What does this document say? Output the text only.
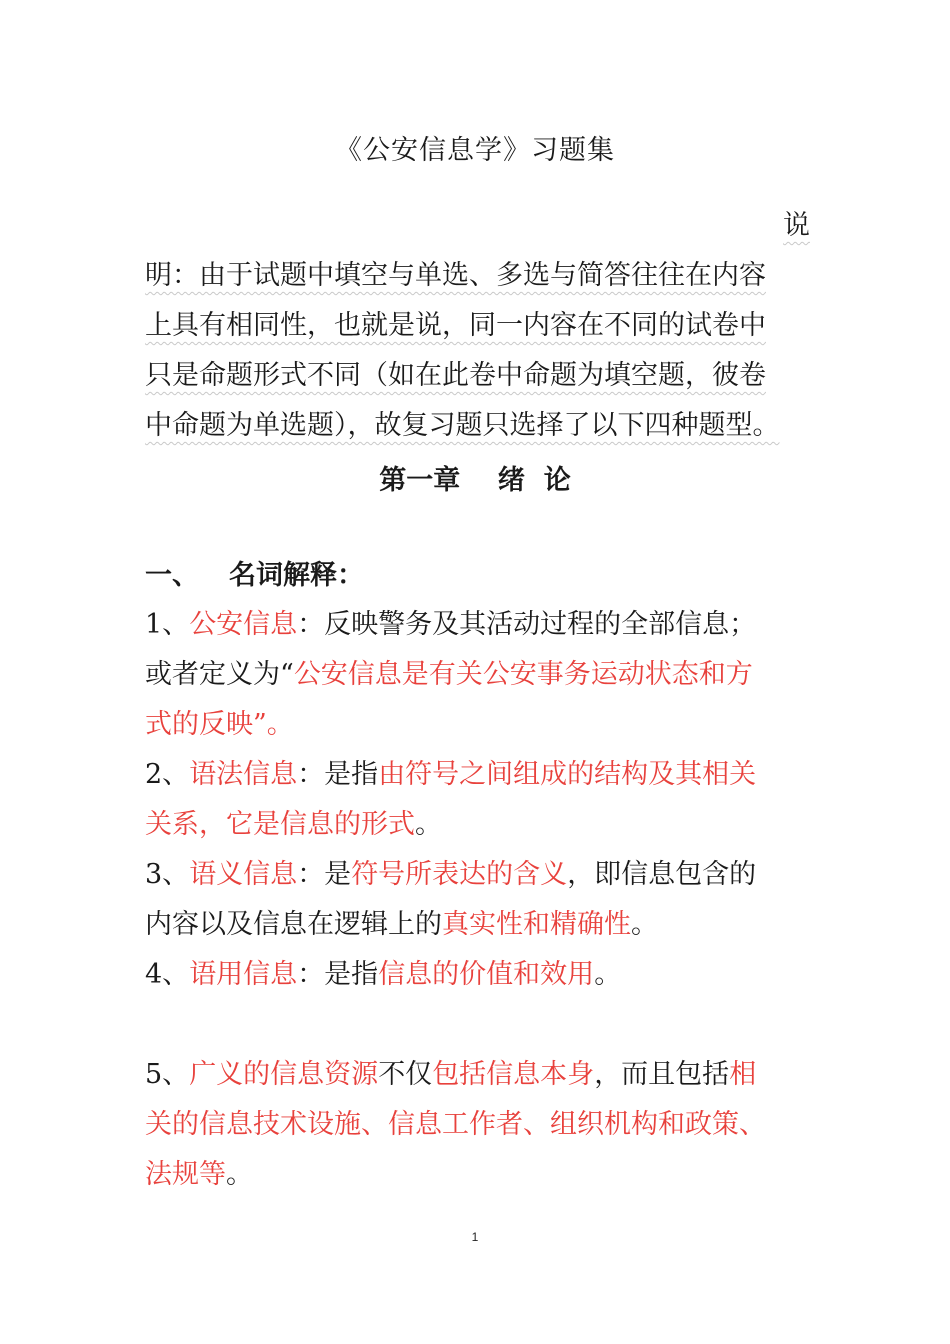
《公安信息学》习题集
说
明：由于试题中填空与单选、多选与简答往往在内容
上具有相同性，也就是说，同一内容在不同的试卷中
只是命题形式不同（如在此卷中命题为填空题，彼卷
中命题为单选题），故复习题只选择了以下四种题型。
第一章    绪  论
一、 名词解释：
1、公安信息：反映警务及其活动过程的全部信息；
或者定义为“公安信息是有关公安事务运动状态和方
式的反映”。
2、语法信息：是指由符号之间组成的结构及其相关
关系，它是信息的形式。
3、语义信息：是符号所表达的含义，即信息包含的
内容以及信息在逻辑上的真实性和精确性。
4、语用信息：是指信息的价值和效用。
5、广义的信息资源不仅包括信息本身，而且包括相
关的信息技术设施、信息工作者、组织机构和政策、
法规等。
1
